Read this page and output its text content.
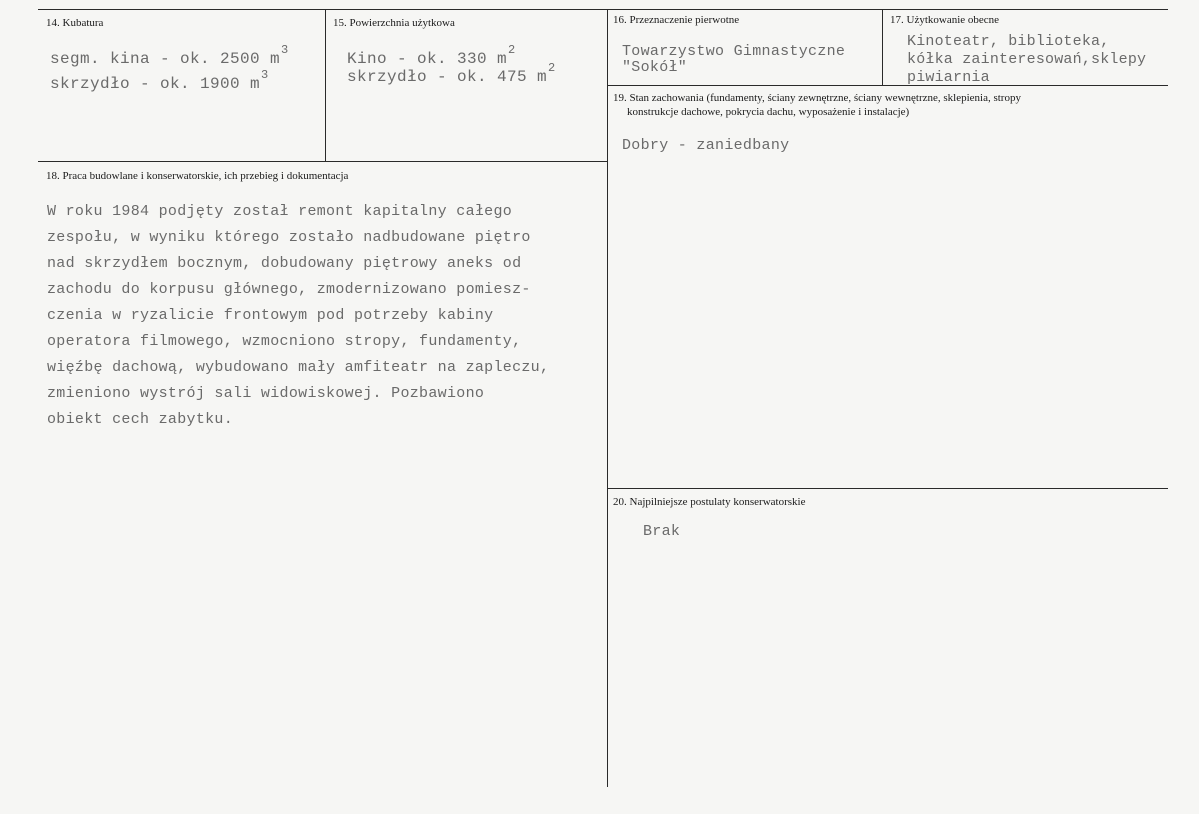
14. Kubatura
segm. kina - ok. 2500 $m^3$
skrzydło - ok. 1900 $m^3$
15. Powierzchnia użytkowa
Kino - ok. 330 $m^2$
skrzydło - ok. 475 $m^2$
16. Przeznaczenie pierwotne
Towarzystwo Gimnastyczne
"Sokół"
17. Użytkowanie obecne
Kinoteatr, biblioteka,
kółka zainteresowań,sklepy
piwiarnia
19. Stan zachowania (fundamenty, ściany zewnętrzne, ściany wewnętrzne, sklepienia, stropy
konstrukcje dachowe, pokrycia dachu, wyposażenie i instalacje)
Dobry - zaniedbany
18. Praca budowlane i konserwatorskie, ich przebieg i dokumentacja
W roku 1984 podjęty został remont kapitalny całego
zespołu, w wyniku którego zostało nadbudowane piętro
nad skrzydłem bocznym, dobudowany piętrowy aneks od
zachodu do korpusu głównego, zmodernizowano pomiesz-
czenia w ryzalicie frontowym pod potrzeby kabiny
operatora filmowego, wzmocniono stropy, fundamenty,
więźbę dachową, wybudowano mały amfiteatr na zapleczu,
zmieniono wystrój sali widowiskowej. Pozbawiono
obiekt cech zabytku.
20. Najpilniejsze postulaty konserwatorskie
Brak
